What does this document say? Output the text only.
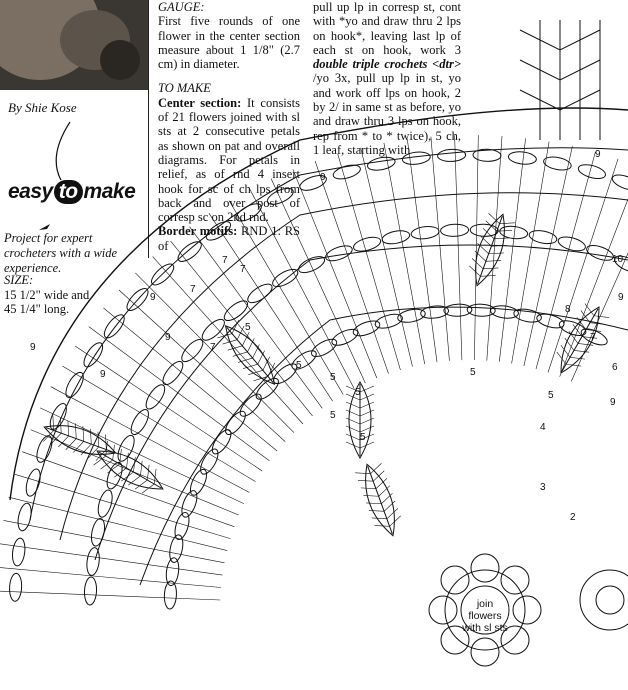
By Shie Kose
easy to make
Project for expert crocheters with a wide experience.
SIZE:
15 1/2" wide and
45 1/4" long.
GAUGE:
First five rounds of one flower in the center section measure about 1 1/8" (2.7 cm) in diameter.
TO MAKE
Center section: It consists of 21 flowers joined with sl sts at 2 consecutive petals as shown on pat and overall diagrams. For petals in relief, as of rnd 4 insert hook for sc of ch lps from back and over post of corresp sc on 2nd rnd.
Border motifs: RND 1: RS of
pull up lp in corresp st, cont with *yo and draw thru 2 lps on hook*, leaving last lp of each st on hook, work 3 double triple crochets <dtr> /yo 3x, pull up lp in st, yo and work off lps on hook, 2 by 2/ in same st as before, yo and draw thru 3 lps on hook, rep from * to * twice), 5 ch, 1 leaf, starting with
2
3
4
5
6
7
8
9
10
9
9
7
9
7
7
5
5
5
9
5
5
7
9
9
5
5
9
join
flowers
with sl sts
